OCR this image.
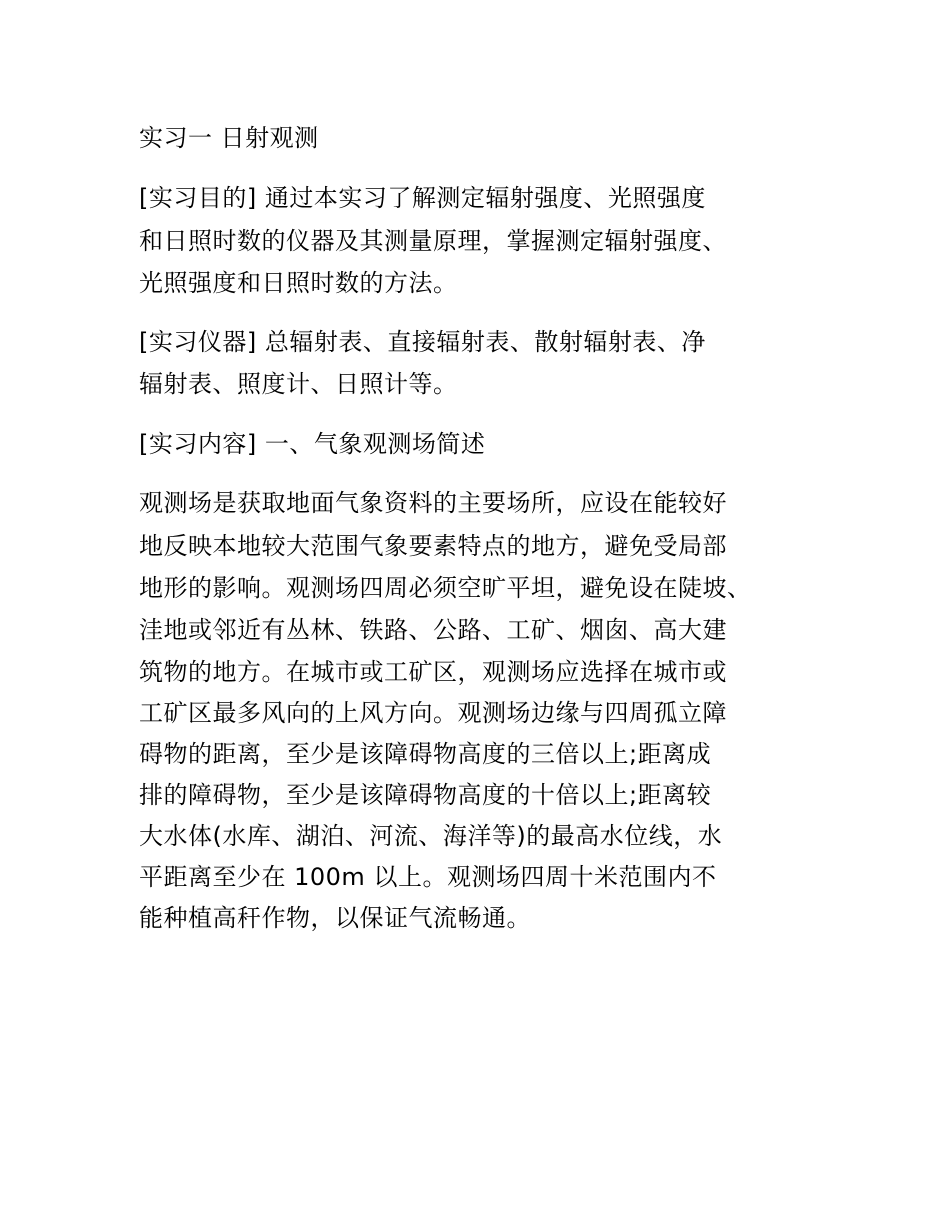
实习一 日射观测
[实习目的] 通过本实习了解测定辐射强度、光照强度
和日照时数的仪器及其测量原理，掌握测定辐射强度、
光照强度和日照时数的方法。
[实习仪器] 总辐射表、直接辐射表、散射辐射表、净
辐射表、照度计、日照计等。
[实习内容] 一、气象观测场简述
观测场是获取地面气象资料的主要场所，应设在能较好
地反映本地较大范围气象要素特点的地方，避免受局部
地形的影响。观测场四周必须空旷平坦，避免设在陡坡、
洼地或邻近有丛林、铁路、公路、工矿、烟囱、高大建
筑物的地方。在城市或工矿区，观测场应选择在城市或
工矿区最多风向的上风方向。观测场边缘与四周孤立障
碍物的距离，至少是该障碍物高度的三倍以上;距离成
排的障碍物，至少是该障碍物高度的十倍以上;距离较
大水体(水库、湖泊、河流、海洋等)的最高水位线，水
平距离至少在 100m 以上。观测场四周十米范围内不
能种植高秆作物，以保证气流畅通。
